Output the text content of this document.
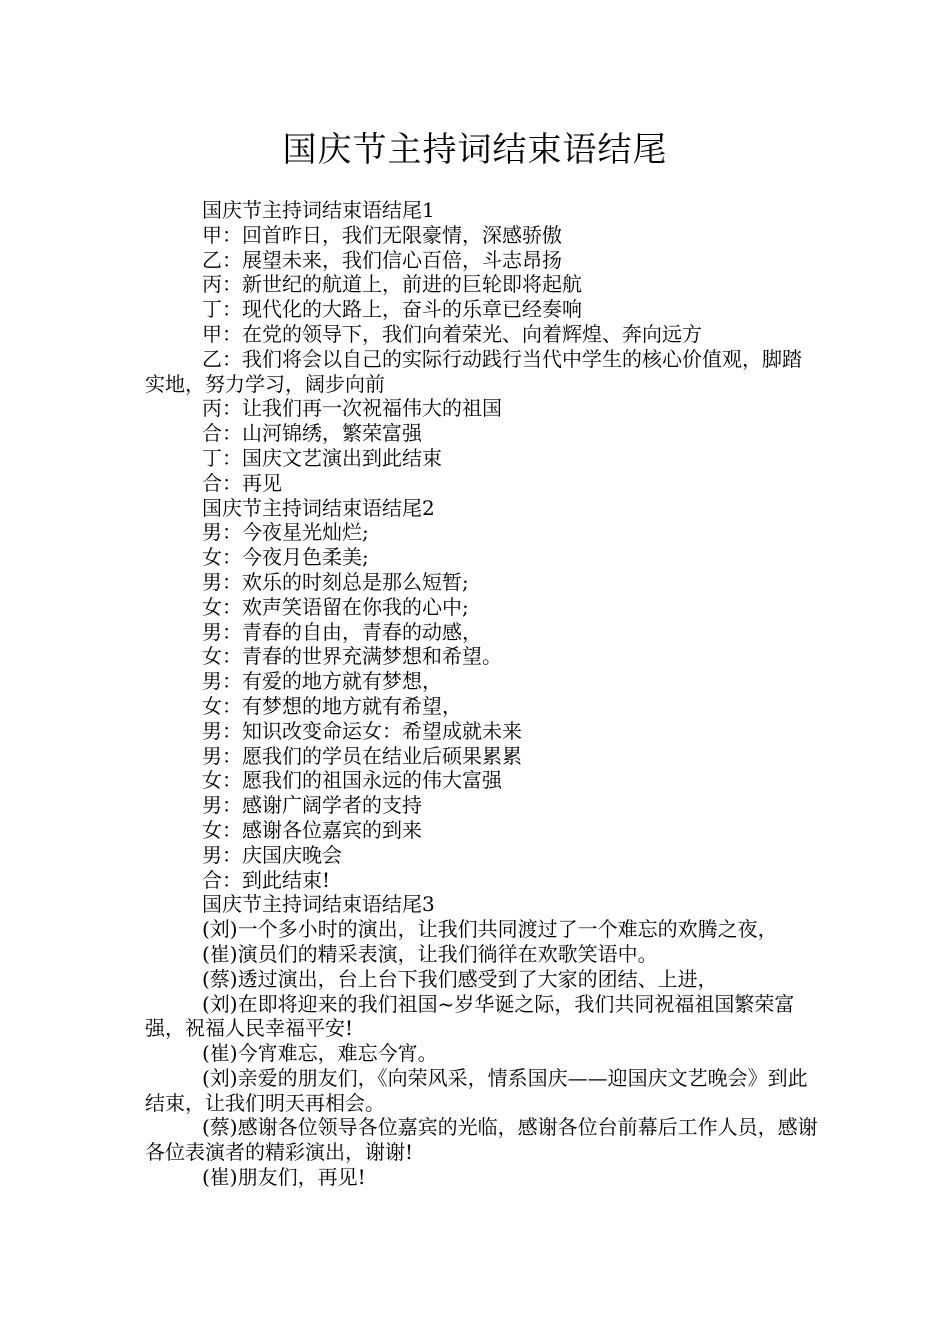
国庆节主持词结束语结尾

国庆节主持词结束语结尾1

甲：回首昨日，我们无限豪情，深感骄傲

乙：展望未来，我们信心百倍，斗志昂扬

丙：新世纪的航道上，前进的巨轮即将起航

丁：现代化的大路上，奋斗的乐章已经奏响

甲：在党的领导下，我们向着荣光、向着辉煌、奔向远方

乙：我们将会以自己的实际行动践行当代中学生的核心价值观，脚踏实地，努力学习，阔步向前

丙：让我们再一次祝福伟大的祖国

合：山河锦绣，繁荣富强

丁：国庆文艺演出到此结束

合：再见

国庆节主持词结束语结尾2

男：今夜星光灿烂;

女：今夜月色柔美;

男：欢乐的时刻总是那么短暂;

女：欢声笑语留在你我的心中;

男：青春的自由，青春的动感，

女：青春的世界充满梦想和希望。

男：有爱的地方就有梦想，

女：有梦想的地方就有希望，

男：知识改变命运女：希望成就未来

男：愿我们的学员在结业后硕果累累

女：愿我们的祖国永远的伟大富强

男：感谢广阔学者的支持

女：感谢各位嘉宾的到来

男：庆国庆晚会

合：到此结束!

国庆节主持词结束语结尾3

(刘)一个多小时的演出，让我们共同渡过了一个难忘的欢腾之夜，

(崔)演员们的精采表演，让我们徜徉在欢歌笑语中。

(蔡)透过演出，台上台下我们感受到了大家的团结、上进，

(刘)在即将迎来的我们祖国~岁华诞之际，我们共同祝福祖国繁荣富强，祝福人民幸福平安!

(崔)今宵难忘，难忘今宵。

(刘)亲爱的朋友们，《向荣风采，情系国庆——迎国庆文艺晚会》到此结束，让我们明天再相会。

(蔡)感谢各位领导各位嘉宾的光临，感谢各位台前幕后工作人员，感谢各位表演者的精彩演出，谢谢!

(崔)朋友们，再见!
